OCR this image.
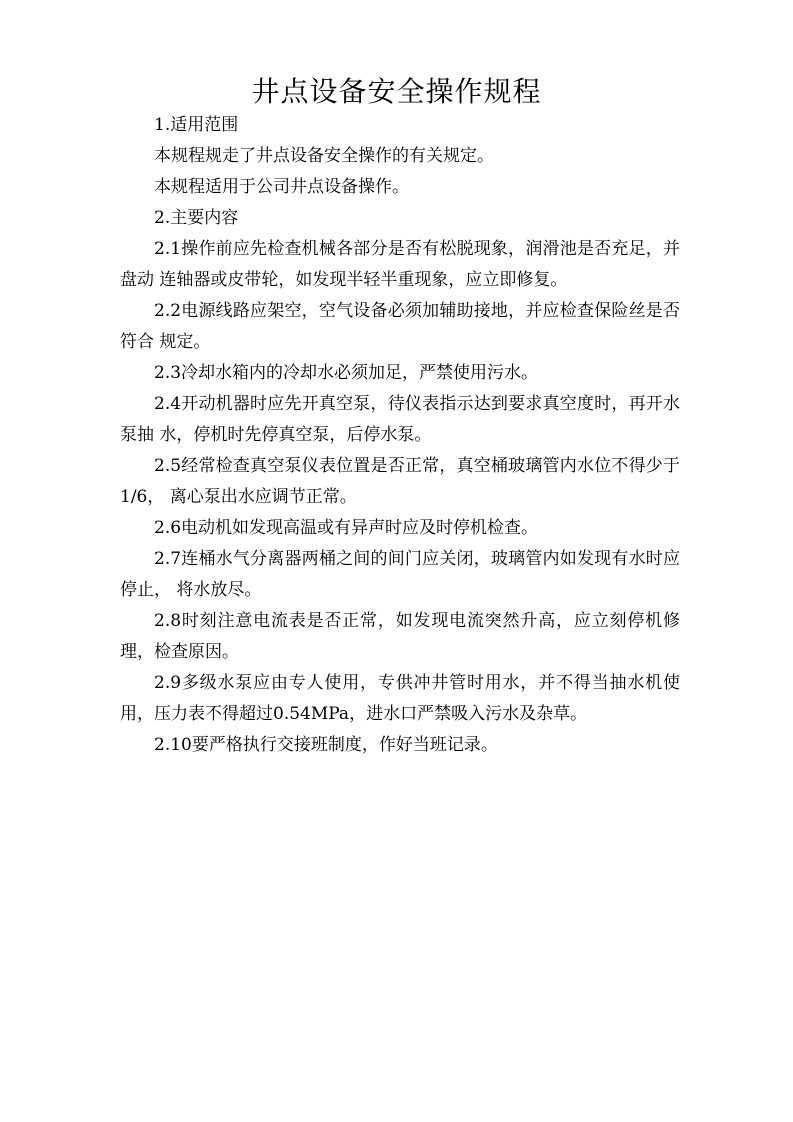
井点设备安全操作规程

1.适用范围

本规程规走了井点设备安全操作的有关规定。

本规程适用于公司井点设备操作。

2.主要内容

2.1操作前应先检查机械各部分是否有松脱现象，润滑池是否充足，并盘动 连轴器或皮带轮，如发现半轻半重现象，应立即修复。

2.2电源线路应架空，空气设备必须加辅助接地，并应检查保险丝是否符合 规定。

2.3冷却水箱内的冷却水必须加足，严禁使用污水。

2.4开动机器时应先开真空泵，待仪表指示达到要求真空度时，再开水泵抽 水，停机时先停真空泵，后停水泵。

2.5经常检查真空泵仪表位置是否正常，真空桶玻璃管内水位不得少于1/6， 离心泵出水应调节正常。

2.6电动机如发现高温或有异声时应及时停机检查。

2.7连桶水气分离器两桶之间的间门应关闭，玻璃管内如发现有水时应停止， 将水放尽。

2.8时刻注意电流表是否正常，如发现电流突然升高，应立刻停机修理，检查原因。

2.9多级水泵应由专人使用，专供冲井管时用水，并不得当抽水机使用，压力表不得超过0.54MPa，进水口严禁吸入污水及杂草。

2.10要严格执行交接班制度，作好当班记录。
